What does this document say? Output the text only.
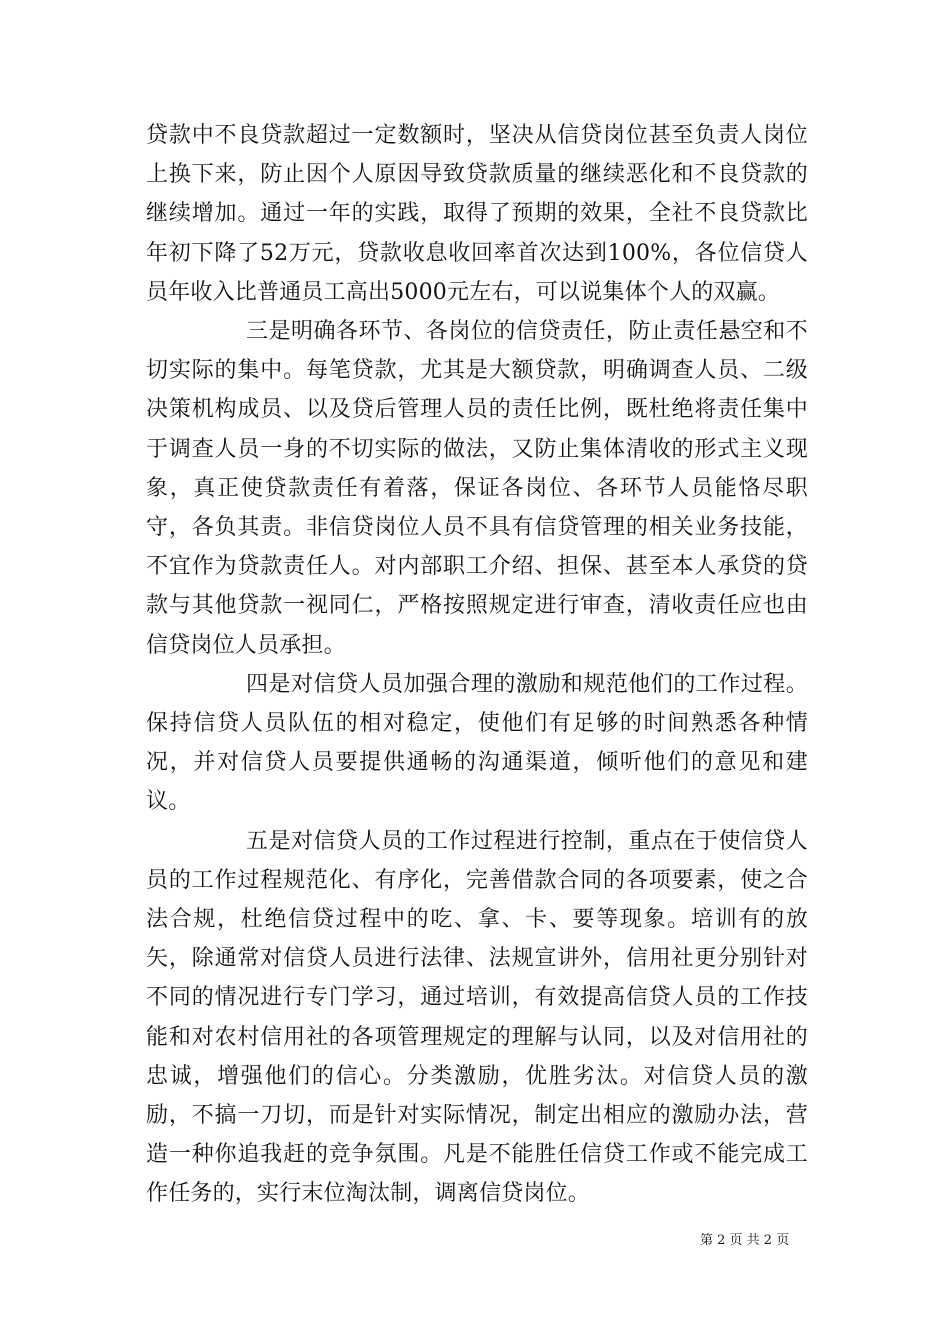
贷款中不良贷款超过一定数额时，坚决从信贷岗位甚至负责人岗位上换下来，防止因个人原因导致贷款质量的继续恶化和不良贷款的继续增加。通过一年的实践，取得了预期的效果，全社不良贷款比年初下降了52万元，贷款收息收回率首次达到100%，各位信贷人员年收入比普通员工高出5000元左右，可以说集体个人的双赢。

三是明确各环节、各岗位的信贷责任，防止责任悬空和不切实际的集中。每笔贷款，尤其是大额贷款，明确调查人员、二级决策机构成员、以及贷后管理人员的责任比例，既杜绝将责任集中于调查人员一身的不切实际的做法，又防止集体清收的形式主义现象，真正使贷款责任有着落，保证各岗位、各环节人员能恪尽职守，各负其责。非信贷岗位人员不具有信贷管理的相关业务技能，不宜作为贷款责任人。对内部职工介绍、担保、甚至本人承贷的贷款与其他贷款一视同仁，严格按照规定进行审查，清收责任应也由信贷岗位人员承担。

四是对信贷人员加强合理的激励和规范他们的工作过程。保持信贷人员队伍的相对稳定，使他们有足够的时间熟悉各种情况，并对信贷人员要提供通畅的沟通渠道，倾听他们的意见和建议。

五是对信贷人员的工作过程进行控制，重点在于使信贷人员的工作过程规范化、有序化，完善借款合同的各项要素，使之合法合规，杜绝信贷过程中的吃、拿、卡、要等现象。培训有的放矢，除通常对信贷人员进行法律、法规宣讲外，信用社更分别针对不同的情况进行专门学习，通过培训，有效提高信贷人员的工作技能和对农村信用社的各项管理规定的理解与认同，以及对信用社的忠诚，增强他们的信心。分类激励，优胜劣汰。对信贷人员的激励，不搞一刀切，而是针对实际情况，制定出相应的激励办法，营造一种你追我赶的竞争氛围。凡是不能胜任信贷工作或不能完成工作任务的，实行末位淘汰制，调离信贷岗位。

第 2 页 共 2 页
